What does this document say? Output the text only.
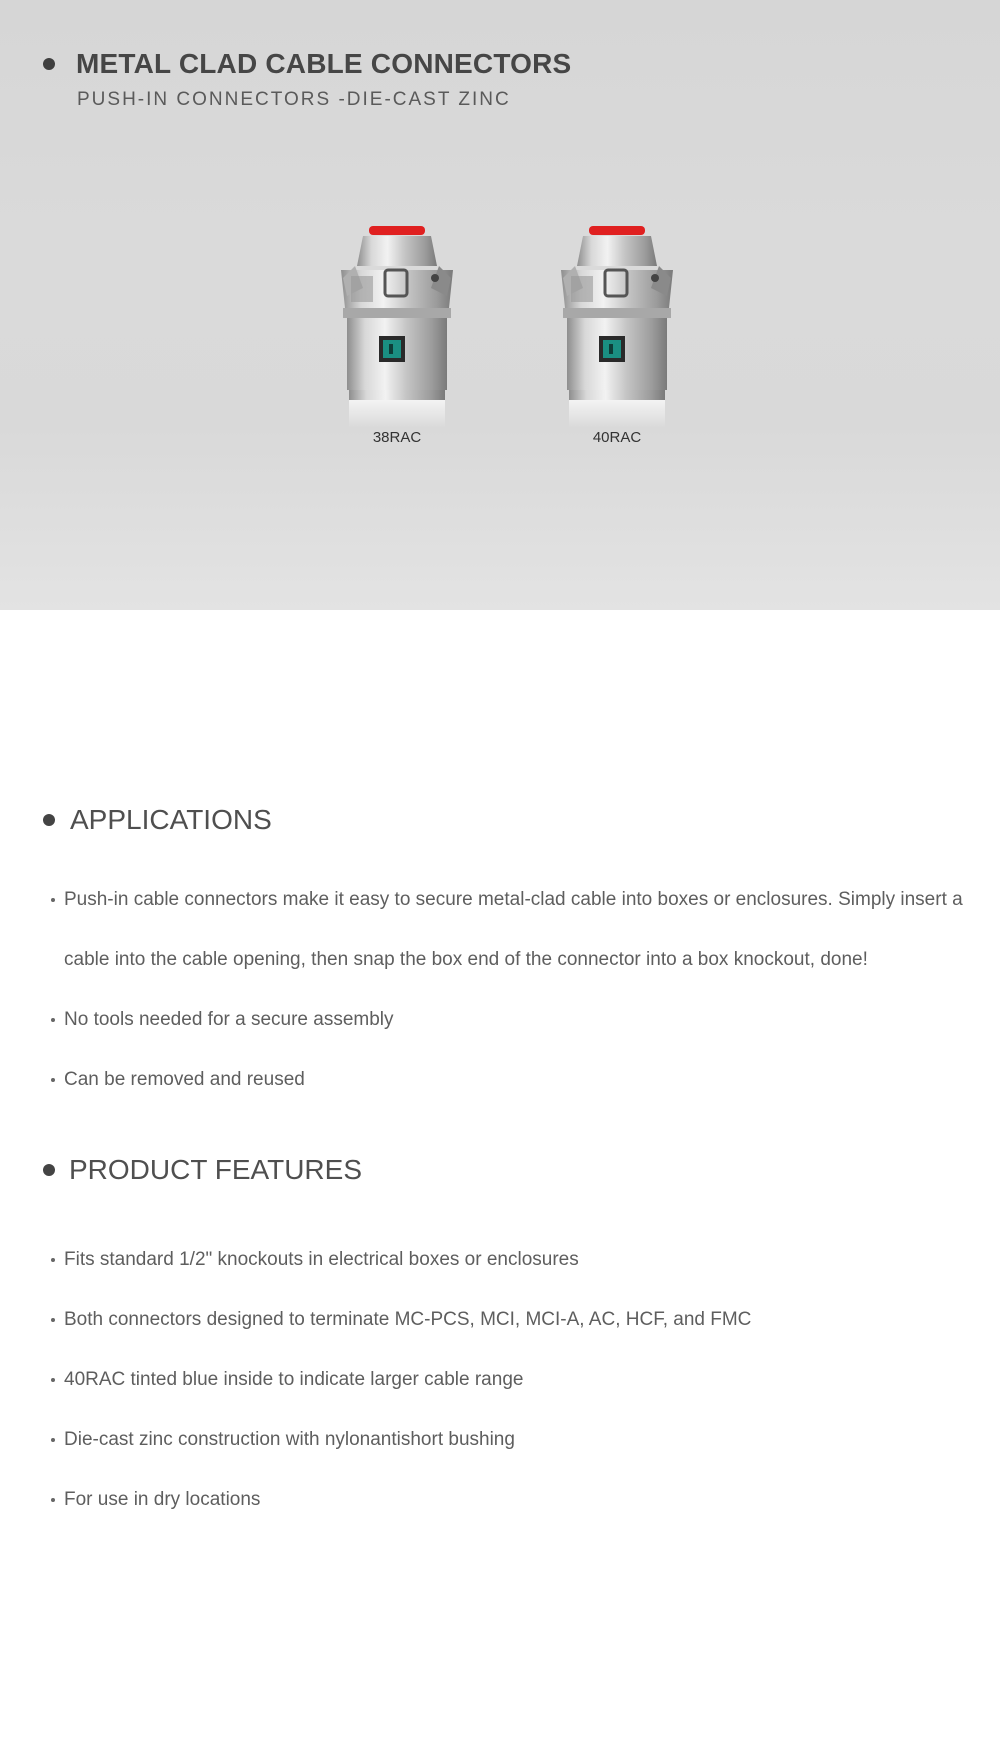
METAL CLAD CABLE CONNECTORS
PUSH-IN CONNECTORS -DIE-CAST ZINC
38RAC	40RAC
APPLICATIONS
Push-in cable connectors make it easy to secure metal-clad cable into boxes or enclosures. Simply insert a cable into the cable opening, then snap the box end of the connector into a box knockout, done!
No tools needed for a secure assembly
Can be removed and reused
PRODUCT FEATURES
Fits standard 1/2" knockouts in electrical boxes or enclosures
Both connectors designed to terminate MC-PCS, MCI, MCI-A, AC, HCF, and FMC
40RAC tinted blue inside to indicate larger cable range
Die-cast zinc construction with nylonantishort bushing
For use in dry locations
